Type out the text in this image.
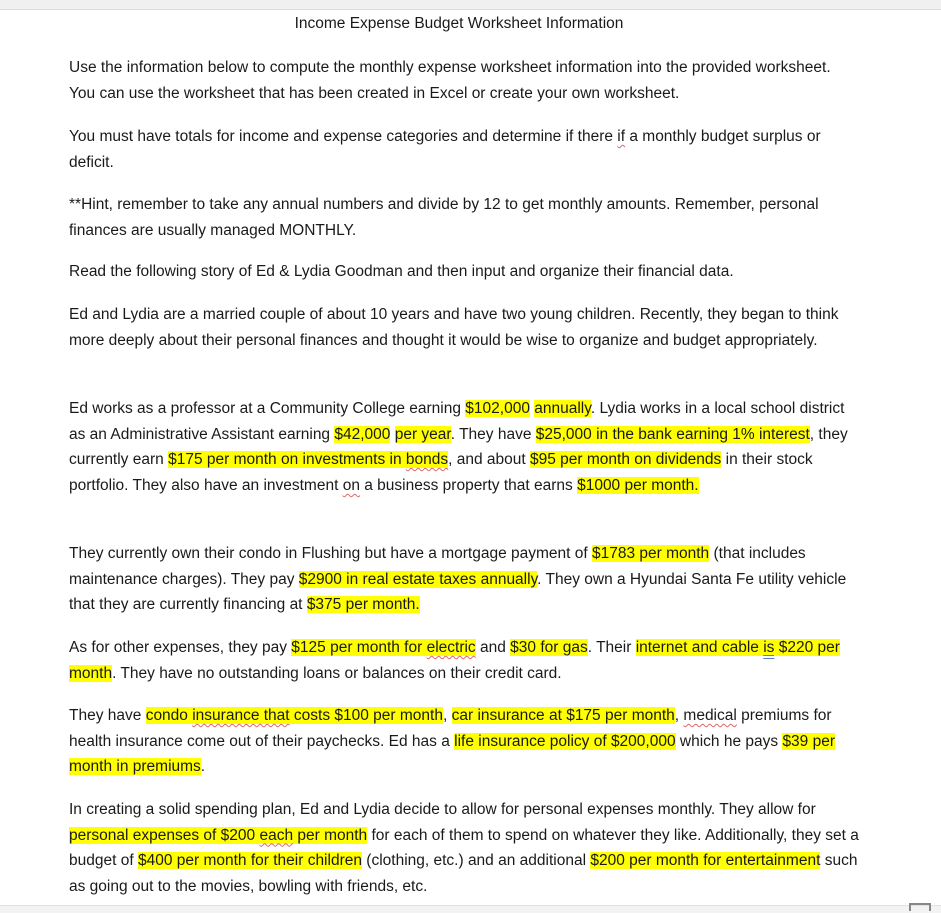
Income Expense Budget Worksheet Information
Use the information below to compute the monthly expense worksheet information into the provided worksheet. You can use the worksheet that has been created in Excel or create your own worksheet.
You must have totals for income and expense categories and determine if there if a monthly budget surplus or deficit.
**Hint, remember to take any annual numbers and divide by 12 to get monthly amounts. Remember, personal finances are usually managed MONTHLY.
Read the following story of Ed & Lydia Goodman and then input and organize their financial data.
Ed and Lydia are a married couple of about 10 years and have two young children. Recently, they began to think more deeply about their personal finances and thought it would be wise to organize and budget appropriately.
Ed works as a professor at a Community College earning $102,000 annually. Lydia works in a local school district as an Administrative Assistant earning $42,000 per year. They have $25,000 in the bank earning 1% interest, they currently earn $175 per month on investments in bonds, and about $95 per month on dividends in their stock portfolio. They also have an investment on a business property that earns $1000 per month.
They currently own their condo in Flushing but have a mortgage payment of $1783 per month (that includes maintenance charges). They pay $2900 in real estate taxes annually. They own a Hyundai Santa Fe utility vehicle that they are currently financing at $375 per month.
As for other expenses, they pay $125 per month for electric and $30 for gas. Their internet and cable is $220 per month. They have no outstanding loans or balances on their credit card.
They have condo insurance that costs $100 per month, car insurance at $175 per month, medical premiums for health insurance come out of their paychecks. Ed has a life insurance policy of $200,000 which he pays $39 per month in premiums.
In creating a solid spending plan, Ed and Lydia decide to allow for personal expenses monthly. They allow for personal expenses of $200 each per month for each of them to spend on whatever they like. Additionally, they set a budget of $400 per month for their children (clothing, etc.) and an additional $200 per month for entertainment such as going out to the movies, bowling with friends, etc.
